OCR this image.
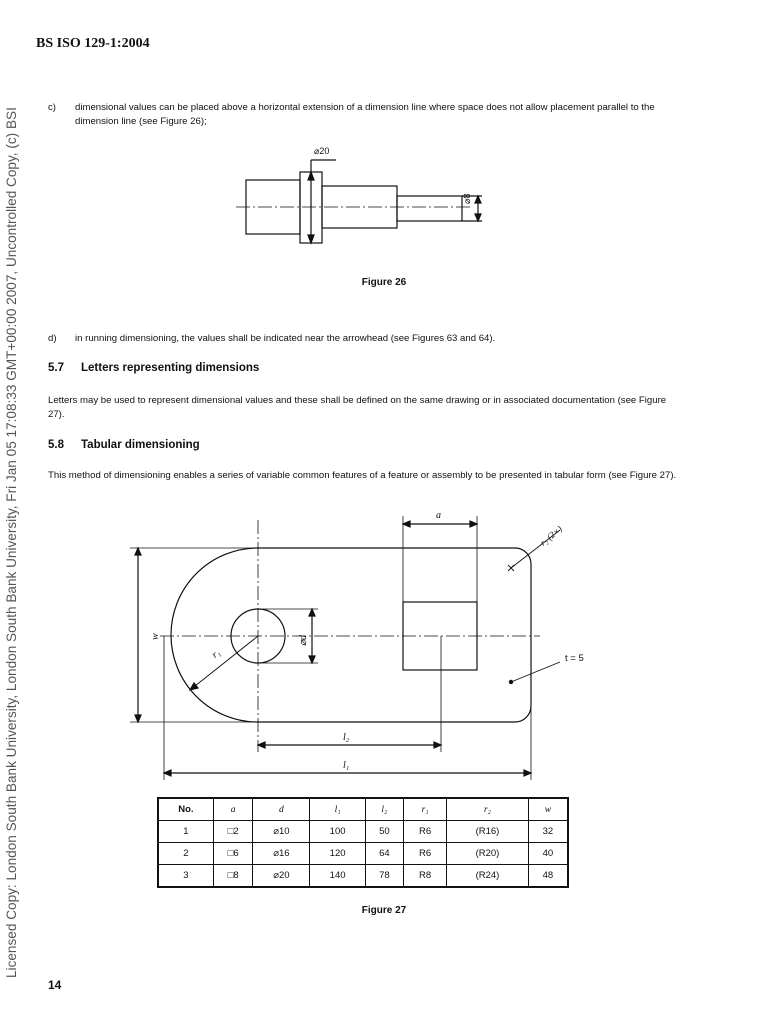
Licensed Copy: London South Bank University, London South Bank University, Fri Jan 05 17:08:33 GMT+00:00 2007, Uncontrolled Copy, (c) BSI
BS ISO 129-1:2004
c) dimensional values can be placed above a horizontal extension of a dimension line where space does not allow placement parallel to the dimension line (see Figure 26);
⌀20
⌀8
Figure 26
d) in running dimensioning, the values shall be indicated near the arrowhead (see Figures 63 and 64).
5.7 Letters representing dimensions
Letters may be used to represent dimensional values and these shall be defined on the same drawing or in associated documentation (see Figure 27).
5.8 Tabular dimensioning
This method of dimensioning enables a series of variable common features of a feature or assembly to be presented in tabular form (see Figure 27).
a
r₂ (2×)
w	⌀d
r₁	t = 5
l₂
l₁
No.	a	d	l₁	l₂	r₁	r₂	w
1	□2	⌀10	100	50	R6	(R16)	32
2	□6	⌀16	120	64	R6	(R20)	40
3	□8	⌀20	140	78	R8	(R24)	48
Figure 27
14
